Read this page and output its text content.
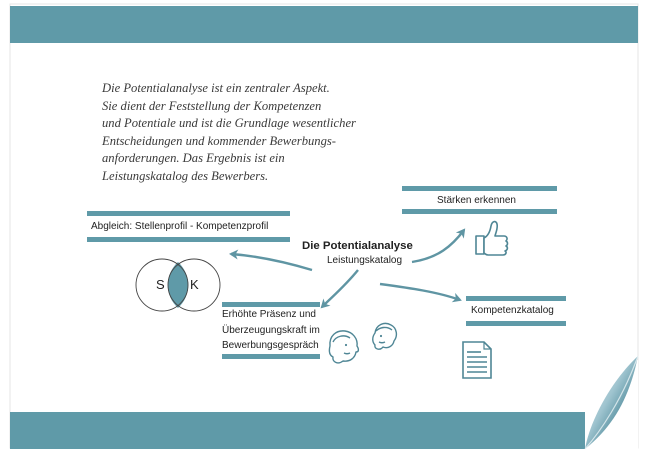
Die Potentialanalyse ist ein zentraler Aspekt.
Sie dient der Feststellung der Kompetenzen
und Potentiale und ist die Grundlage wesentlicher
Entscheidungen und kommender Bewerbungs-
anforderungen. Das Ergebnis ist ein
Leistungskatalog des Bewerbers.
Die Potentialanalyse
Leistungskatalog
Abgleich: Stellenprofil - Kompetenzprofil
Stärken erkennen
Erhöhte Präsenz und
Überzeugungskraft im
Bewerbungsgespräch
Kompetenzkatalog
S K
